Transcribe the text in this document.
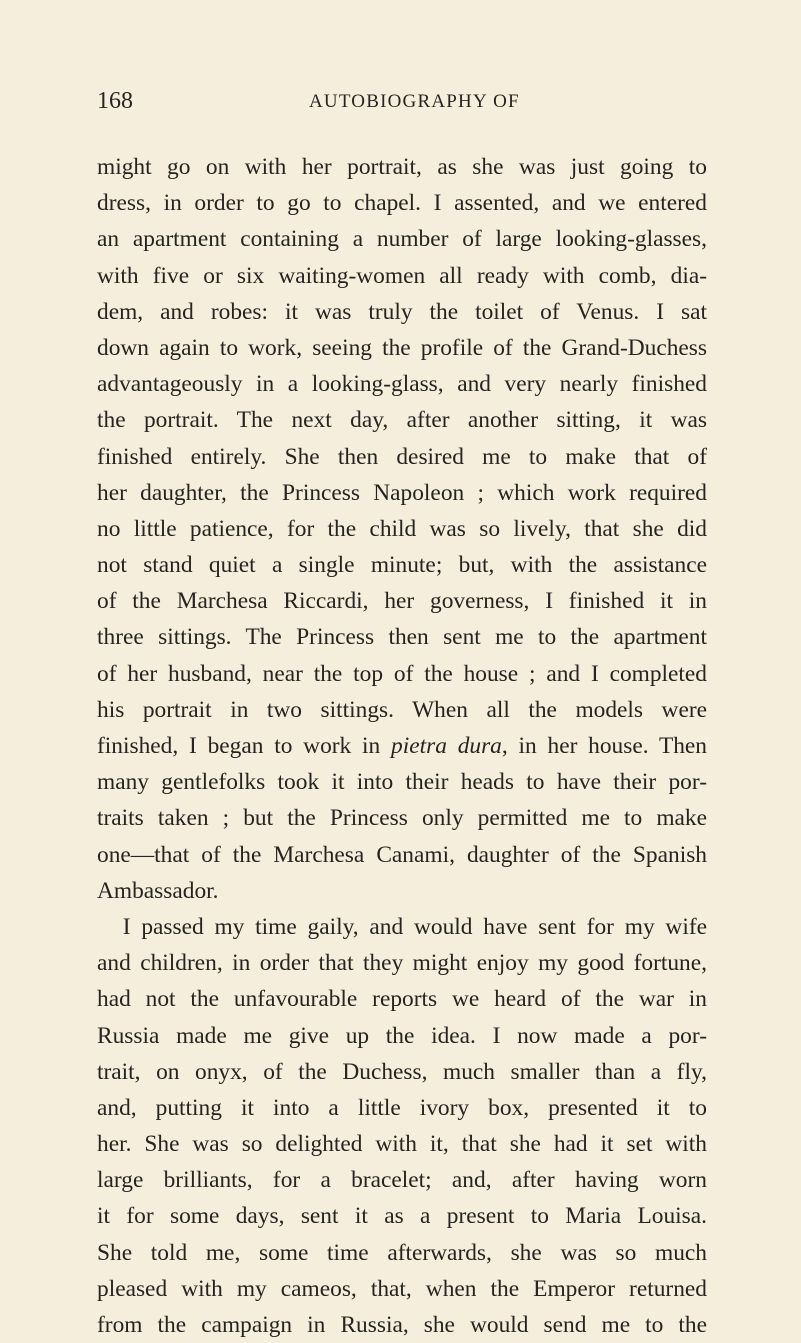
168	AUTOBIOGRAPHY OF
might go on with her portrait, as she was just going to
dress, in order to go to chapel. I assented, and we entered
an apartment containing a number of large looking-glasses,
with five or six waiting-women all ready with comb, dia-
dem, and robes: it was truly the toilet of Venus. I sat
down again to work, seeing the profile of the Grand-Duchess
advantageously in a looking-glass, and very nearly finished
the portrait. The next day, after another sitting, it was
finished entirely. She then desired me to make that of
her daughter, the Princess Napoleon ; which work required
no little patience, for the child was so lively, that she did
not stand quiet a single minute; but, with the assistance
of the Marchesa Riccardi, her governess, I finished it in
three sittings. The Princess then sent me to the apartment
of her husband, near the top of the house ; and I completed
his portrait in two sittings. When all the models were
finished, I began to work in pietra dura, in her house. Then
many gentlefolks took it into their heads to have their por-
traits taken ; but the Princess only permitted me to make
one—that of the Marchesa Canami, daughter of the Spanish
Ambassador.
I passed my time gaily, and would have sent for my wife
and children, in order that they might enjoy my good fortune,
had not the unfavourable reports we heard of the war in
Russia made me give up the idea. I now made a por-
trait, on onyx, of the Duchess, much smaller than a fly,
and, putting it into a little ivory box, presented it to
her. She was so delighted with it, that she had it set with
large brilliants, for a bracelet; and, after having worn
it for some days, sent it as a present to Maria Louisa.
She told me, some time afterwards, she was so much
pleased with my cameos, that, when the Emperor returned
from the campaign in Russia, she would send me to the
